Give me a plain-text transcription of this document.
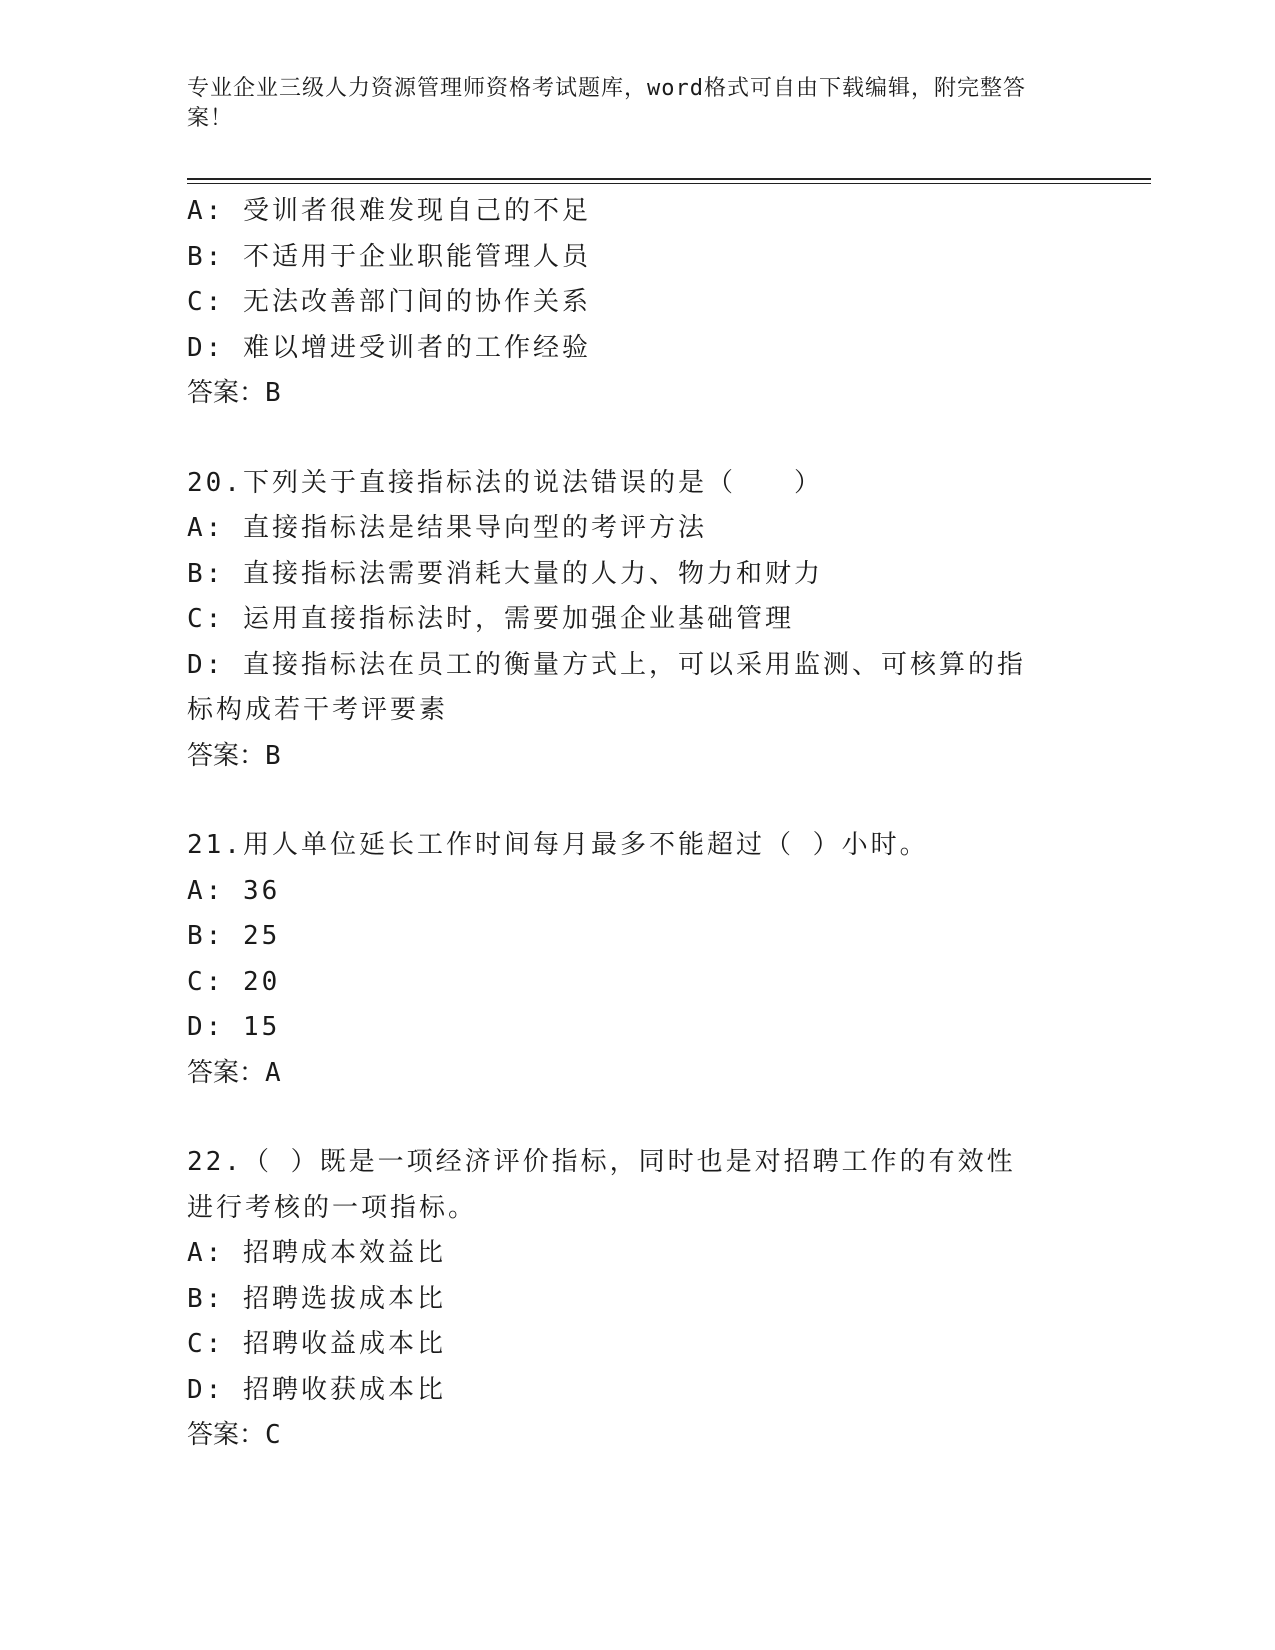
专业企业三级人力资源管理师资格考试题库，word格式可自由下载编辑，附完整答案！
A: 受训者很难发现自己的不足
B: 不适用于企业职能管理人员
C: 无法改善部门间的协作关系
D: 难以增进受训者的工作经验
答案：B
20.下列关于直接指标法的说法错误的是（　　）
A: 直接指标法是结果导向型的考评方法
B: 直接指标法需要消耗大量的人力、物力和财力
C: 运用直接指标法时，需要加强企业基础管理
D: 直接指标法在员工的衡量方式上，可以采用监测、可核算的指标构成若干考评要素
答案：B
21.用人单位延长工作时间每月最多不能超过（ ）小时。
A: 36
B: 25
C: 20
D: 15
答案：A
22.（ ）既是一项经济评价指标，同时也是对招聘工作的有效性进行考核的一项指标。
A: 招聘成本效益比
B: 招聘选拔成本比
C: 招聘收益成本比
D: 招聘收获成本比
答案：C
